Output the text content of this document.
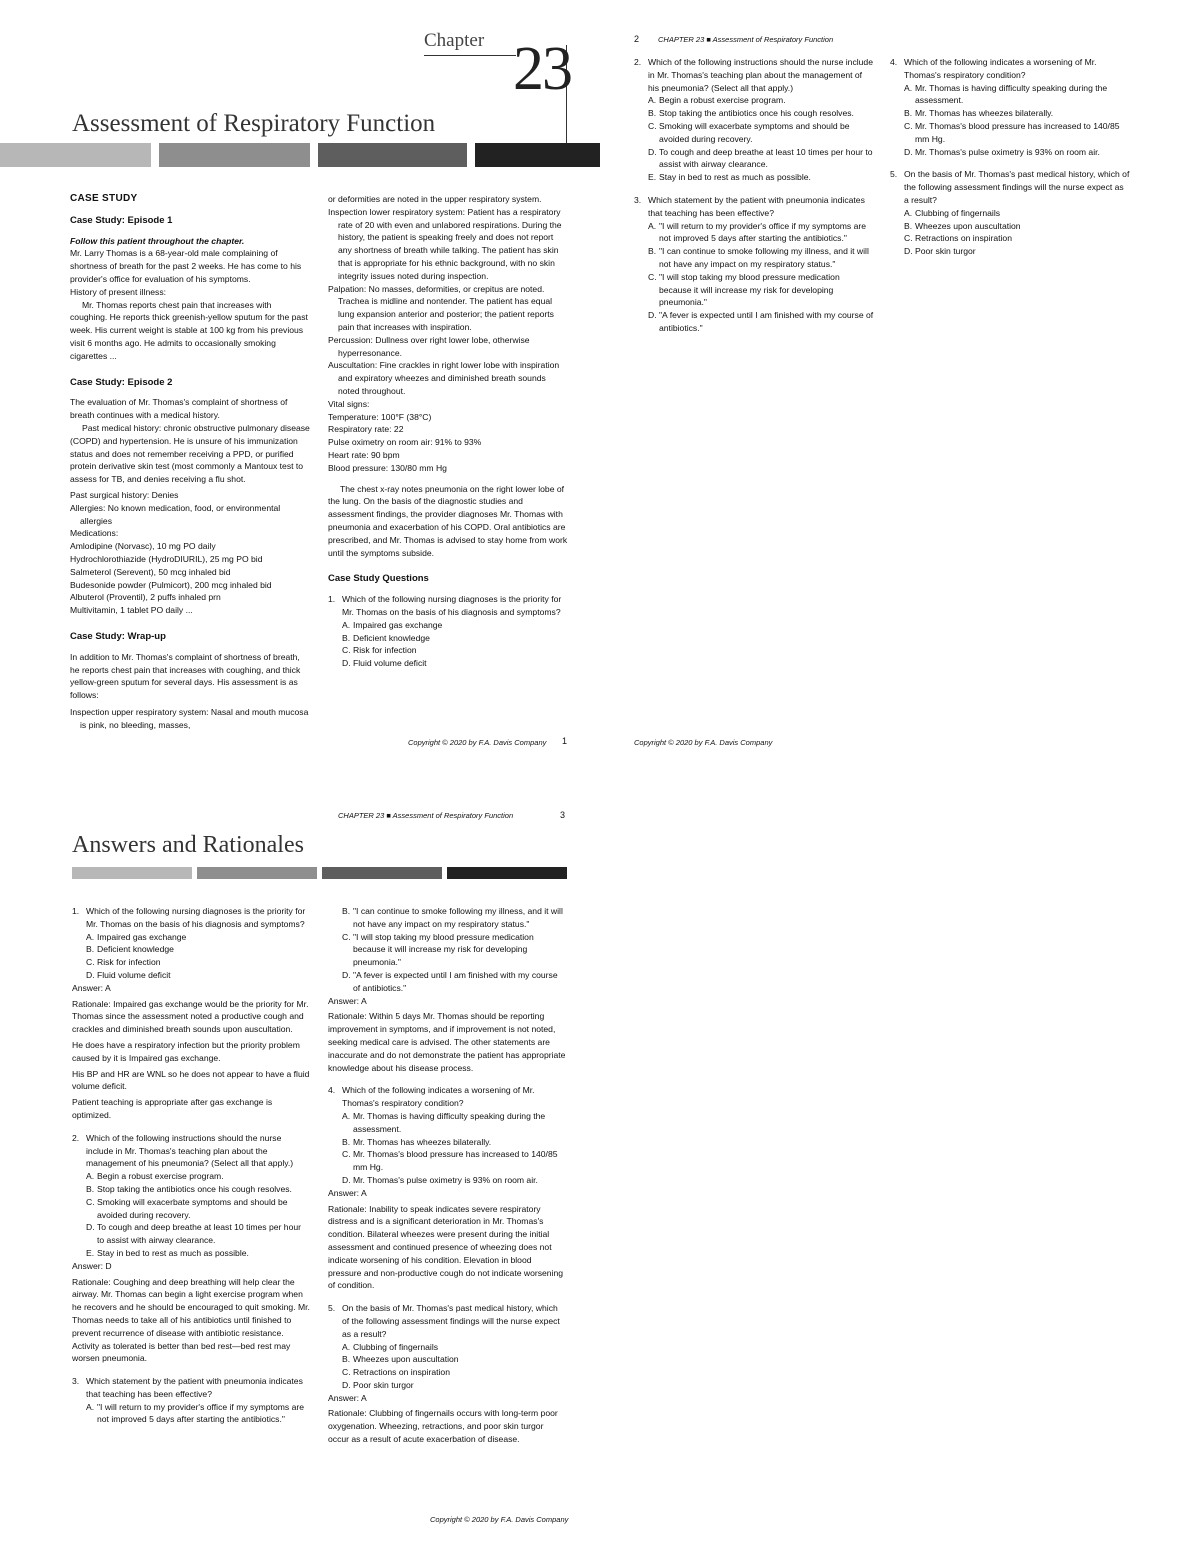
Chapter 23
Assessment of Respiratory Function
CASE STUDY
Case Study: Episode 1

Follow this patient throughout the chapter.

Mr. Larry Thomas is a 68-year-old male complaining of shortness of breath for the past 2 weeks. He has come to his provider's office for evaluation of his symptoms.

History of present illness:

Mr. Thomas reports chest pain that increases with coughing. He reports thick greenish-yellow sputum for the past week. His current weight is stable at 100 kg from his previous visit 6 months ago. He admits to occasionally smoking cigarettes ...

Case Study: Episode 2

The evaluation of Mr. Thomas's complaint of shortness of breath continues with a medical history.

Past medical history: chronic obstructive pulmonary disease (COPD) and hypertension. He is unsure of his immunization status and does not remember receiving a PPD, or purified protein derivative skin test (most commonly a Mantoux test to assess for TB, and denies receiving a flu shot.

Past surgical history: Denies

Allergies: No known medication, food, or environmental allergies

Medications:

Amlodipine (Norvasc), 10 mg PO daily

Hydrochlorothiazide (HydroDIURIL), 25 mg PO bid

Salmeterol (Serevent), 50 mcg inhaled bid

Budesonide powder (Pulmicort), 200 mcg inhaled bid

Albuterol (Proventil), 2 puffs inhaled prn

Multivitamin, 1 tablet PO daily ...

Case Study: Wrap-up

In addition to Mr. Thomas's complaint of shortness of breath, he reports chest pain that increases with coughing, and thick yellow-green sputum for several days. His assessment is as follows:

Inspection upper respiratory system: Nasal and mouth mucosa is pink, no bleeding, masses,

or deformities are noted in the upper respiratory system.

Inspection lower respiratory system: Patient has a respiratory rate of 20 with even and unlabored respirations. During the history, the patient is speaking freely and does not report any shortness of breath while talking. The patient has skin that is appropriate for his ethnic background, with no skin integrity issues noted during inspection.

Palpation: No masses, deformities, or crepitus are noted. Trachea is midline and nontender. The patient has equal lung expansion anterior and posterior; the patient reports pain that increases with inspiration.

Percussion: Dullness over right lower lobe, otherwise hyperresonance.

Auscultation: Fine crackles in right lower lobe with inspiration and expiratory wheezes and diminished breath sounds noted throughout.

Vital signs:

Temperature: 100°F (38°C)

Respiratory rate: 22

Pulse oximetry on room air: 91% to 93%

Heart rate: 90 bpm

Blood pressure: 130/80 mm Hg

The chest x-ray notes pneumonia on the right lower lobe of the lung. On the basis of the diagnostic studies and assessment findings, the provider diagnoses Mr. Thomas with pneumonia and exacerbation of his COPD. Oral antibiotics are prescribed, and Mr. Thomas is advised to stay home from work until the symptoms subside.

Case Study Questions
1. Which of the following nursing diagnoses is the priority for Mr. Thomas on the basis of his diagnosis and symptoms?
A. Impaired gas exchange
B. Deficient knowledge
C. Risk for infection
D. Fluid volume deficit
Copyright © 2020 by F.A. Davis Company 1
2	CHAPTER 23 ■ Assessment of Respiratory Function
2. Which of the following instructions should the nurse include in Mr. Thomas's teaching plan about the management of his pneumonia? (Select all that apply.)
A. Begin a robust exercise program.
B. Stop taking the antibiotics once his cough resolves.
C. Smoking will exacerbate symptoms and should be avoided during recovery.
D. To cough and deep breathe at least 10 times per hour to assist with airway clearance.
E. Stay in bed to rest as much as possible.
3. Which statement by the patient with pneumonia indicates that teaching has been effective?
A. "I will return to my provider's office if my symptoms are not improved 5 days after starting the antibiotics."
B. "I can continue to smoke following my illness, and it will not have any impact on my respiratory status."
C. "I will stop taking my blood pressure medication because it will increase my risk for developing pneumonia."
D. "A fever is expected until I am finished with my course of antibiotics."
4. Which of the following indicates a worsening of Mr. Thomas's respiratory condition?
A. Mr. Thomas is having difficulty speaking during the assessment.
B. Mr. Thomas has wheezes bilaterally.
C. Mr. Thomas's blood pressure has increased to 140/85 mm Hg.
D. Mr. Thomas's pulse oximetry is 93% on room air.
5. On the basis of Mr. Thomas's past medical history, which of the following assessment findings will the nurse expect as a result?
A. Clubbing of fingernails
B. Wheezes upon auscultation
C. Retractions on inspiration
D. Poor skin turgor
Copyright © 2020 by F.A. Davis Company
CHAPTER 23 ■ Assessment of Respiratory Function	3
Answers and Rationales
1. Which of the following nursing diagnoses is the priority for Mr. Thomas on the basis of his diagnosis and symptoms?
A. Impaired gas exchange
B. Deficient knowledge
C. Risk for infection
D. Fluid volume deficit

Answer: A

Rationale: Impaired gas exchange would be the priority for Mr. Thomas since the assessment noted a productive cough and crackles and diminished breath sounds upon auscultation.

He does have a respiratory infection but the priority problem caused by it is Impaired gas exchange.

His BP and HR are WNL so he does not appear to have a fluid volume deficit.

Patient teaching is appropriate after gas exchange is optimized.

2. Which of the following instructions should the nurse include in Mr. Thomas's teaching plan about the management of his pneumonia? (Select all that apply.)
A. Begin a robust exercise program.
B. Stop taking the antibiotics once his cough resolves.
C. Smoking will exacerbate symptoms and should be avoided during recovery.
D. To cough and deep breathe at least 10 times per hour to assist with airway clearance.
E. Stay in bed to rest as much as possible.

Answer: D

Rationale: Coughing and deep breathing will help clear the airway. Mr. Thomas can begin a light exercise program when he recovers and he should be encouraged to quit smoking. Mr. Thomas needs to take all of his antibiotics until finished to prevent recurrence of disease with antibiotic resistance. Activity as tolerated is better than bed rest—bed rest may worsen pneumonia.

3. Which statement by the patient with pneumonia indicates that teaching has been effective?
A. "I will return to my provider's office if my symptoms are not improved 5 days after starting the antibiotics."
B. "I can continue to smoke following my illness, and it will not have any impact on my respiratory status."
C. "I will stop taking my blood pressure medication because it will increase my risk for developing pneumonia."
D. "A fever is expected until I am finished with my course of antibiotics."

Answer: A

Rationale: Within 5 days Mr. Thomas should be reporting improvement in symptoms, and if improvement is not noted, seeking medical care is advised. The other statements are inaccurate and do not demonstrate the patient has appropriate knowledge about his disease process.

4. Which of the following indicates a worsening of Mr. Thomas's respiratory condition?
A. Mr. Thomas is having difficulty speaking during the assessment.
B. Mr. Thomas has wheezes bilaterally.
C. Mr. Thomas's blood pressure has increased to 140/85 mm Hg.
D. Mr. Thomas's pulse oximetry is 93% on room air.

Answer: A

Rationale: Inability to speak indicates severe respiratory distress and is a significant deterioration in Mr. Thomas's condition. Bilateral wheezes were present during the initial assessment and continued presence of wheezing does not indicate worsening of his condition. Elevation in blood pressure and non-productive cough do not indicate worsening of condition.

5. On the basis of Mr. Thomas's past medical history, which of the following assessment findings will the nurse expect as a result?
A. Clubbing of fingernails
B. Wheezes upon auscultation
C. Retractions on inspiration
D. Poor skin turgor

Answer: A

Rationale: Clubbing of fingernails occurs with long-term poor oxygenation. Wheezing, retractions, and poor skin turgor occur as a result of acute exacerbation of disease.

Copyright © 2020 by F.A. Davis Company
